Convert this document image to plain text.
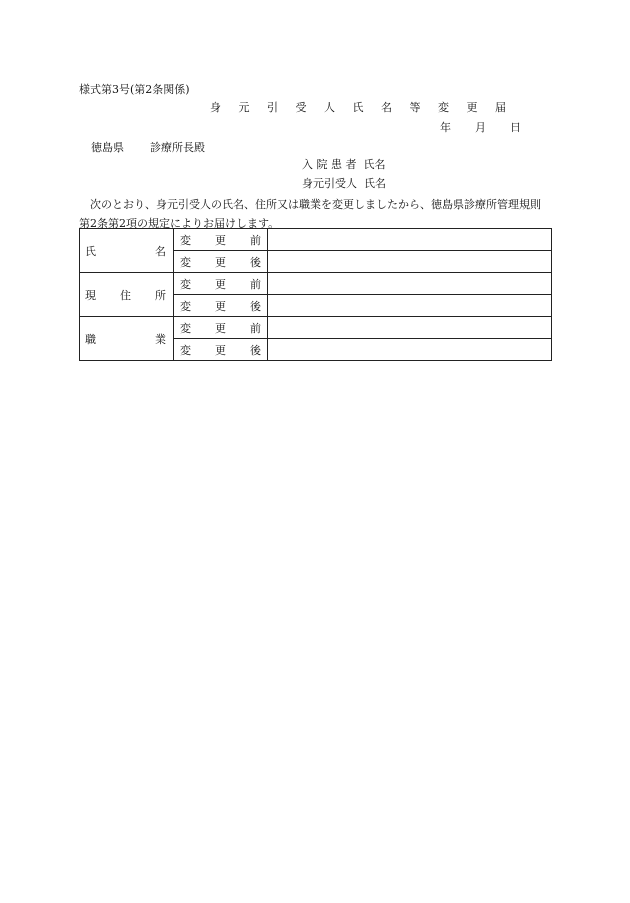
様式第3号(第2条関係)
身 元 引 受 人 氏 名 等 変 更 届
年 月 日
徳島県 診療所長殿
入 院 患 者 氏名
身元引受人 氏名
次のとおり、身元引受人の氏名、住所又は職業を変更しましたから、徳島県診療所管理規則第2条第2項の規定によりお届けします。
氏 名	変 更 前	

	変 更 後	

現 住 所	変 更 前	

	変 更 後	

職 業	変 更 前	

	変 更 後	
